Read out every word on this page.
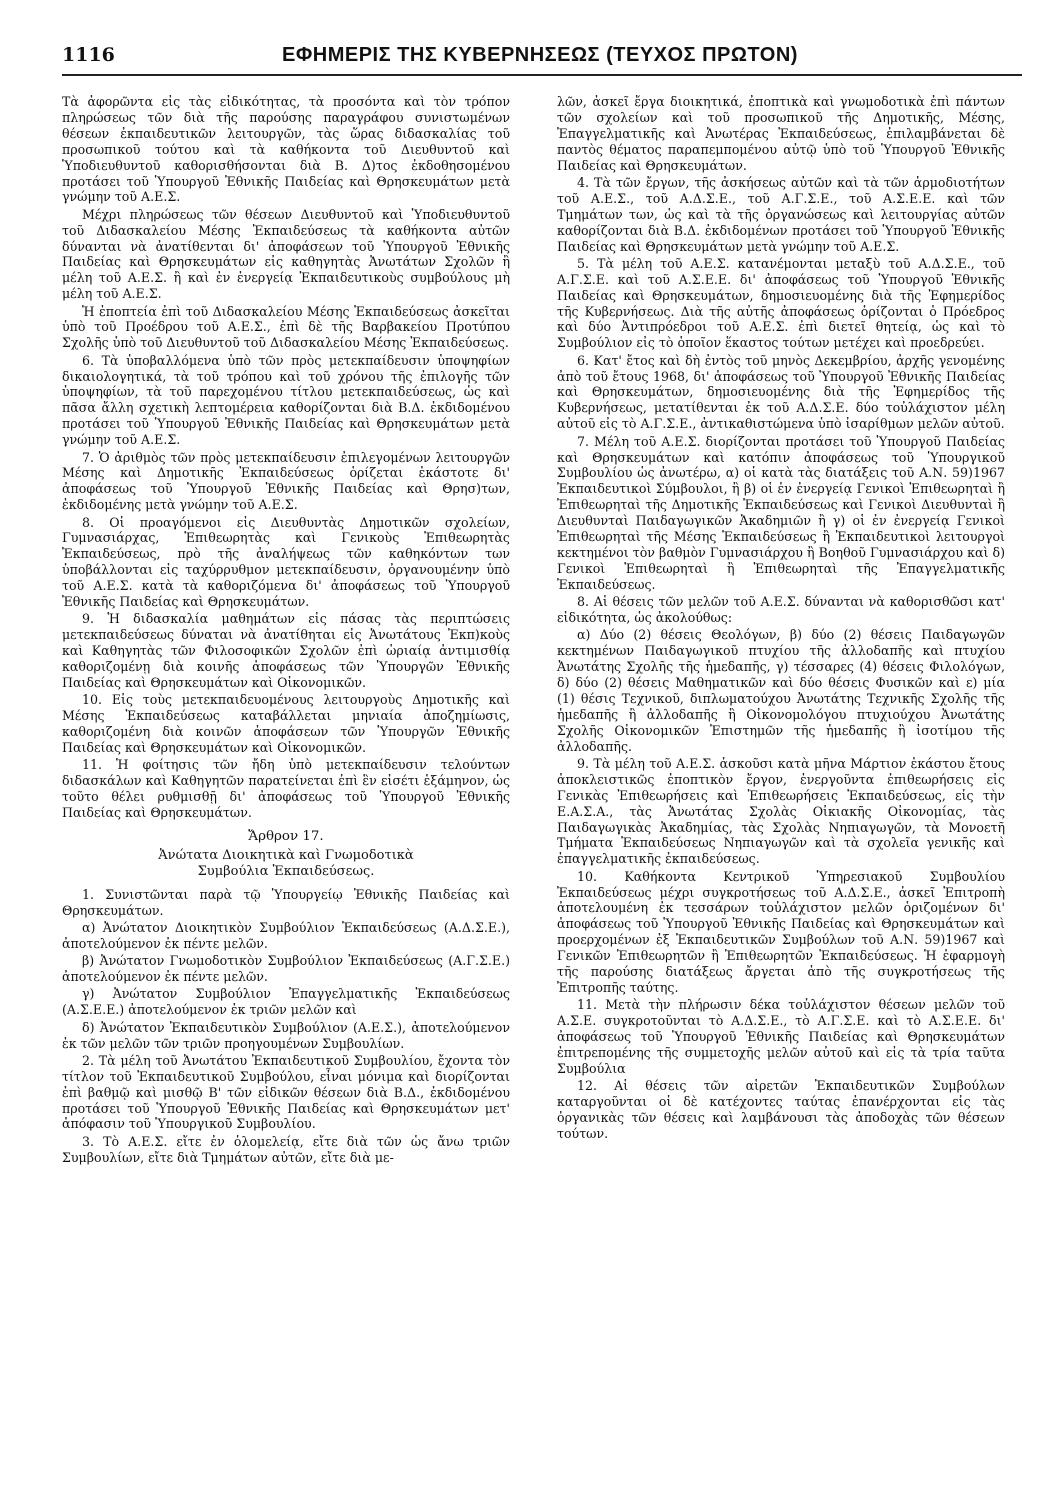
1116	ΕΦΗΜΕΡΙΣ ΤΗΣ ΚΥΒΕΡΝΗΣΕΩΣ (ΤΕΥΧΟΣ ΠΡΩΤΟΝ)

Τὰ ἀφορῶντα εἰς τὰς εἰδικότητας, τὰ προσόντα καὶ τὸν τρόπον πληρώσεως τῶν διὰ τῆς παρούσης παραγράφου συνιστωμένων θέσεων ἐκπαιδευτικῶν λειτουργῶν, τὰς ὥρας διδασκαλίας τοῦ προσωπικοῦ τούτου καὶ τὰ καθήκοντα τοῦ Διευθυντοῦ καὶ Ὑποδιευθυντοῦ καθορισθήσονται διὰ Β. Δ)τος ἐκδοθησομένου προτάσει τοῦ Ὑπουργοῦ Ἐθνικῆς Παιδείας καὶ Θρησκευμάτων μετὰ γνώμην τοῦ Α.Ε.Σ.

Μέχρι πληρώσεως τῶν θέσεων Διευθυντοῦ καὶ Ὑποδιευθυντοῦ τοῦ Διδασκαλείου Μέσης Ἐκπαιδεύσεως τὰ καθήκοντα αὐτῶν δύνανται νὰ ἀνατίθενται δι' ἀποφάσεων τοῦ Ὑπουργοῦ Ἐθνικῆς Παιδείας καὶ Θρησκευμάτων εἰς καθηγητὰς Ἀνωτάτων Σχολῶν ἢ μέλη τοῦ Α.Ε.Σ. ἢ καὶ ἐν ἐνεργείᾳ Ἐκπαιδευτικοὺς συμβούλους μὴ μέλη τοῦ Α.Ε.Σ.

Ἡ ἐποπτεία ἐπὶ τοῦ Διδασκαλείου Μέσης Ἐκπαιδεύσεως ἀσκεῖται ὑπὸ τοῦ Προέδρου τοῦ Α.Ε.Σ., ἐπὶ δὲ τῆς Βαρβακείου Προτύπου Σχολῆς ὑπὸ τοῦ Διευθυντοῦ τοῦ Διδασκαλείου Μέσης Ἐκπαιδεύσεως.

6. Τὰ ὑποβαλλόμενα ὑπὸ τῶν πρὸς μετεκπαίδευσιν ὑποψηφίων δικαιολογητικά, τὰ τοῦ τρόπου καὶ τοῦ χρόνου τῆς ἐπιλογῆς τῶν ὑποψηφίων, τὰ τοῦ παρεχομένου τίτλου μετεκπαιδεύσεως, ὡς καὶ πᾶσα ἄλλη σχετικὴ λεπτομέρεια καθορίζονται διὰ Β.Δ. ἐκδιδομένου προτάσει τοῦ Ὑπουργοῦ Ἐθνικῆς Παιδείας καὶ Θρησκευμάτων μετὰ γνώμην τοῦ Α.Ε.Σ.

7. Ὁ ἀριθμὸς τῶν πρὸς μετεκπαίδευσιν ἐπιλεγομένων λειτουργῶν Μέσης καὶ Δημοτικῆς Ἐκπαιδεύσεως ὁρίζεται ἑκάστοτε δι' ἀποφάσεως τοῦ Ὑπουργοῦ Ἐθνικῆς Παιδείας καὶ Θρησ)των, ἐκδιδομένης μετὰ γνώμην τοῦ Α.Ε.Σ.

8. Οἱ προαγόμενοι εἰς Διευθυντὰς Δημοτικῶν σχολείων, Γυμνασιάρχας, Ἐπιθεωρητὰς καὶ Γενικοὺς Ἐπιθεωρητὰς Ἐκπαιδεύσεως, πρὸ τῆς ἀναλήψεως τῶν καθηκόντων των ὑποβάλλονται εἰς ταχύρρυθμον μετεκπαίδευσιν, ὀργανουμένην ὑπὸ τοῦ Α.Ε.Σ. κατὰ τὰ καθοριζόμενα δι' ἀποφάσεως τοῦ Ὑπουργοῦ Ἐθνικῆς Παιδείας καὶ Θρησκευμάτων.

9. Ἡ διδασκαλία μαθημάτων εἰς πάσας τὰς περιπτώσεις μετεκπαιδεύσεως δύναται νὰ ἀνατίθηται εἰς Ἀνωτάτους Ἐκπ)κοὺς καὶ Καθηγητὰς τῶν Φιλοσοφικῶν Σχολῶν ἐπὶ ὡριαίᾳ ἀντιμισθίᾳ καθοριζομένῃ διὰ κοινῆς ἀποφάσεως τῶν Ὑπουργῶν Ἐθνικῆς Παιδείας καὶ Θρησκευμάτων καὶ Οἰκονομικῶν.

10. Εἰς τοὺς μετεκπαιδευομένους λειτουργοὺς Δημοτικῆς καὶ Μέσης Ἐκπαιδεύσεως καταβάλλεται μηνιαία ἀποζημίωσις, καθοριζομένη διὰ κοινῶν ἀποφάσεων τῶν Ὑπουργῶν Ἐθνικῆς Παιδείας καὶ Θρησκευμάτων καὶ Οἰκονομικῶν.

11. Ἡ φοίτησις τῶν ἤδη ὑπὸ μετεκπαίδευσιν τελούντων διδασκάλων καὶ Καθηγητῶν παρατείνεται ἐπὶ ἓν εἰσέτι ἑξάμηνον, ὡς τοῦτο θέλει ρυθμισθῇ δι' ἀποφάσεως τοῦ Ὑπουργοῦ Ἐθνικῆς Παιδείας καὶ Θρησκευμάτων.

Ἄρθρον 17.
Ἀνώτατα Διοικητικὰ καὶ Γνωμοδοτικὰ
Συμβούλια Ἐκπαιδεύσεως.

1. Συνιστῶνται παρὰ τῷ Ὑπουργείῳ Ἐθνικῆς Παιδείας καὶ Θρησκευμάτων.

α) Ἀνώτατον Διοικητικὸν Συμβούλιον Ἐκπαιδεύσεως (Α.Δ.Σ.Ε.), ἀποτελούμενον ἐκ πέντε μελῶν.

β) Ἀνώτατον Γνωμοδοτικὸν Συμβούλιον Ἐκπαιδεύσεως (Α.Γ.Σ.Ε.) ἀποτελούμενον ἐκ πέντε μελῶν.

γ) Ἀνώτατον Συμβούλιον Ἐπαγγελματικῆς Ἐκπαιδεύσεως (Α.Σ.Ε.Ε.) ἀποτελούμενον ἐκ τριῶν μελῶν καὶ

δ) Ἀνώτατον Ἐκπαιδευτικὸν Συμβούλιον (Α.Ε.Σ.), ἀποτελούμενον ἐκ τῶν μελῶν τῶν τριῶν προηγουμένων Συμβουλίων.

2. Τὰ μέλη τοῦ Ἀνωτάτου Ἐκπαιδευτικοῦ Συμβουλίου, ἔχοντα τὸν τίτλον τοῦ Ἐκπαιδευτικοῦ Συμβούλου, εἶναι μόνιμα καὶ διορίζονται ἐπὶ βαθμῷ καὶ μισθῷ Β' τῶν εἰδικῶν θέσεων διὰ Β.Δ., ἐκδιδομένου προτάσει τοῦ Ὑπουργοῦ Ἐθνικῆς Παιδείας καὶ Θρησκευμάτων μετ' ἀπόφασιν τοῦ Ὑπουργικοῦ Συμβουλίου.

3. Τὸ Α.Ε.Σ. εἴτε ἐν ὁλομελείᾳ, εἴτε διὰ τῶν ὡς ἄνω τριῶν Συμβουλίων, εἴτε διὰ Τμημάτων αὐτῶν, εἴτε διὰ με-

λῶν, ἀσκεῖ ἔργα διοικητικά, ἐποπτικὰ καὶ γνωμοδοτικὰ ἐπὶ πάντων τῶν σχολείων καὶ τοῦ προσωπικοῦ τῆς Δημοτικῆς, Μέσης, Ἐπαγγελματικῆς καὶ Ἀνωτέρας Ἐκπαιδεύσεως, ἐπιλαμβάνεται δὲ παντὸς θέματος παραπεμπομένου αὐτῷ ὑπὸ τοῦ Ὑπουργοῦ Ἐθνικῆς Παιδείας καὶ Θρησκευμάτων.

4. Τὰ τῶν ἔργων, τῆς ἀσκήσεως αὐτῶν καὶ τὰ τῶν ἁρμοδιοτήτων τοῦ Α.Ε.Σ., τοῦ Α.Δ.Σ.Ε., τοῦ Α.Γ.Σ.Ε., τοῦ Α.Σ.Ε.Ε. καὶ τῶν Τμημάτων των, ὡς καὶ τὰ τῆς ὀργανώσεως καὶ λειτουργίας αὐτῶν καθορίζονται διὰ Β.Δ. ἐκδιδομένων προτάσει τοῦ Ὑπουργοῦ Ἐθνικῆς Παιδείας καὶ Θρησκευμάτων μετὰ γνώμην τοῦ Α.Ε.Σ.

5. Τὰ μέλη τοῦ Α.Ε.Σ. κατανέμονται μεταξὺ τοῦ Α.Δ.Σ.Ε., τοῦ Α.Γ.Σ.Ε. καὶ τοῦ Α.Σ.Ε.Ε. δι' ἀποφάσεως τοῦ Ὑπουργοῦ Ἐθνικῆς Παιδείας καὶ Θρησκευμάτων, δημοσιευομένης διὰ τῆς Ἐφημερίδος τῆς Κυβερνήσεως. Διὰ τῆς αὐτῆς ἀποφάσεως ὁρίζονται ὁ Πρόεδρος καὶ δύο Ἀντιπρόεδροι τοῦ Α.Ε.Σ. ἐπὶ διετεῖ θητείᾳ, ὡς καὶ τὸ Συμβούλιον εἰς τὸ ὁποῖον ἕκαστος τούτων μετέχει καὶ προεδρεύει.

6. Κατ' ἔτος καὶ δὴ ἐντὸς τοῦ μηνὸς Δεκεμβρίου, ἀρχῆς γενομένης ἀπὸ τοῦ ἔτους 1968, δι' ἀποφάσεως τοῦ Ὑπουργοῦ Ἐθνικῆς Παιδείας καὶ Θρησκευμάτων, δημοσιευομένης διὰ τῆς Ἐφημερίδος τῆς Κυβερνήσεως, μετατίθενται ἐκ τοῦ Α.Δ.Σ.Ε. δύο τοὐλάχιστον μέλη αὐτοῦ εἰς τὸ Α.Γ.Σ.Ε., ἀντικαθιστώμενα ὑπὸ ἰσαρίθμων μελῶν αὐτοῦ.

7. Μέλη τοῦ Α.Ε.Σ. διορίζονται προτάσει τοῦ Ὑπουργοῦ Παιδείας καὶ Θρησκευμάτων καὶ κατόπιν ἀποφάσεως τοῦ Ὑπουργικοῦ Συμβουλίου ὡς ἀνωτέρω, α) οἱ κατὰ τὰς διατάξεις τοῦ Α.Ν. 59)1967 Ἐκπαιδευτικοὶ Σύμβουλοι, ἢ β) οἱ ἐν ἐνεργείᾳ Γενικοὶ Ἐπιθεωρηταὶ ἢ Ἐπιθεωρηταὶ τῆς Δημοτικῆς Ἐκπαιδεύσεως καὶ Γενικοὶ Διευθυνταὶ ἢ Διευθυνταὶ Παιδαγωγικῶν Ἀκαδημιῶν ἢ γ) οἱ ἐν ἐνεργείᾳ Γενικοὶ Ἐπιθεωρηταὶ τῆς Μέσης Ἐκπαιδεύσεως ἢ Ἐκπαιδευτικοὶ λειτουργοὶ κεκτημένοι τὸν βαθμὸν Γυμνασιάρχου ἢ Βοηθοῦ Γυμνασιάρχου καὶ δ) Γενικοὶ Ἐπιθεωρηταὶ ἢ Ἐπιθεωρηταὶ τῆς Ἐπαγγελματικῆς Ἐκπαιδεύσεως.

8. Αἱ θέσεις τῶν μελῶν τοῦ Α.Ε.Σ. δύνανται νὰ καθορισθῶσι κατ' εἰδικότητα, ὡς ἀκολούθως:

α) Δύο (2) θέσεις Θεολόγων, β) δύο (2) θέσεις Παιδαγωγῶν κεκτημένων Παιδαγωγικοῦ πτυχίου τῆς ἀλλοδαπῆς καὶ πτυχίου Ἀνωτάτης Σχολῆς τῆς ἡμεδαπῆς, γ) τέσσαρες (4) θέσεις Φιλολόγων, δ) δύο (2) θέσεις Μαθηματικῶν καὶ δύο θέσεις Φυσικῶν καὶ ε) μία (1) θέσις Τεχνικοῦ, διπλωματούχου Ἀνωτάτης Τεχνικῆς Σχολῆς τῆς ἡμεδαπῆς ἢ ἀλλοδαπῆς ἢ Οἰκονομολόγου πτυχιούχου Ἀνωτάτης Σχολῆς Οἰκονομικῶν Ἐπιστημῶν τῆς ἡμεδαπῆς ἢ ἰσοτίμου τῆς ἀλλοδαπῆς.

9. Τὰ μέλη τοῦ Α.Ε.Σ. ἀσκοῦσι κατὰ μῆνα Μάρτιον ἑκάστου ἔτους ἀποκλειστικῶς ἐποπτικὸν ἔργον, ἐνεργοῦντα ἐπιθεωρήσεις εἰς Γενικὰς Ἐπιθεωρήσεις καὶ Ἐπιθεωρήσεις Ἐκπαιδεύσεως, εἰς τὴν Ε.Α.Σ.Α., τὰς Ἀνωτάτας Σχολὰς Οἰκιακῆς Οἰκονομίας, τὰς Παιδαγωγικὰς Ἀκαδημίας, τὰς Σχολὰς Νηπιαγωγῶν, τὰ Μονοετῆ Τμήματα Ἐκπαιδεύσεως Νηπιαγωγῶν καὶ τὰ σχολεῖα γενικῆς καὶ ἐπαγγελματικῆς ἐκπαιδεύσεως.

10. Καθήκοντα Κεντρικοῦ Ὑπηρεσιακοῦ Συμβουλίου Ἐκπαιδεύσεως μέχρι συγκροτήσεως τοῦ Α.Δ.Σ.Ε., ἀσκεῖ Ἐπιτροπὴ ἀποτελουμένη ἐκ τεσσάρων τοὐλάχιστον μελῶν ὁριζομένων δι' ἀποφάσεως τοῦ Ὑπουργοῦ Ἐθνικῆς Παιδείας καὶ Θρησκευμάτων καὶ προερχομένων ἐξ Ἐκπαιδευτικῶν Συμβούλων τοῦ Α.Ν. 59)1967 καὶ Γενικῶν Ἐπιθεωρητῶν ἢ Ἐπιθεωρητῶν Ἐκπαιδεύσεως. Ἡ ἐφαρμογὴ τῆς παρούσης διατάξεως ἄργεται ἀπὸ τῆς συγκροτήσεως τῆς Ἐπιτροπῆς ταύτης.

11. Μετὰ τὴν πλήρωσιν δέκα τοὐλάχιστον θέσεων μελῶν τοῦ Α.Σ.Ε. συγκροτοῦνται τὸ Α.Δ.Σ.Ε., τὸ Α.Γ.Σ.Ε. καὶ τὸ Α.Σ.Ε.Ε. δι' ἀποφάσεως τοῦ Ὑπουργοῦ Ἐθνικῆς Παιδείας καὶ Θρησκευμάτων ἐπιτρεπομένης τῆς συμμετοχῆς μελῶν αὐτοῦ καὶ εἰς τὰ τρία ταῦτα Συμβούλια

12. Αἱ θέσεις τῶν αἱρετῶν Ἐκπαιδευτικῶν Συμβούλων καταργοῦνται οἱ δὲ κατέχοντες ταύτας ἐπανέρχονται εἰς τὰς ὀργανικὰς τῶν θέσεις καὶ λαμβάνουσι τὰς ἀποδοχὰς τῶν θέσεων τούτων.
